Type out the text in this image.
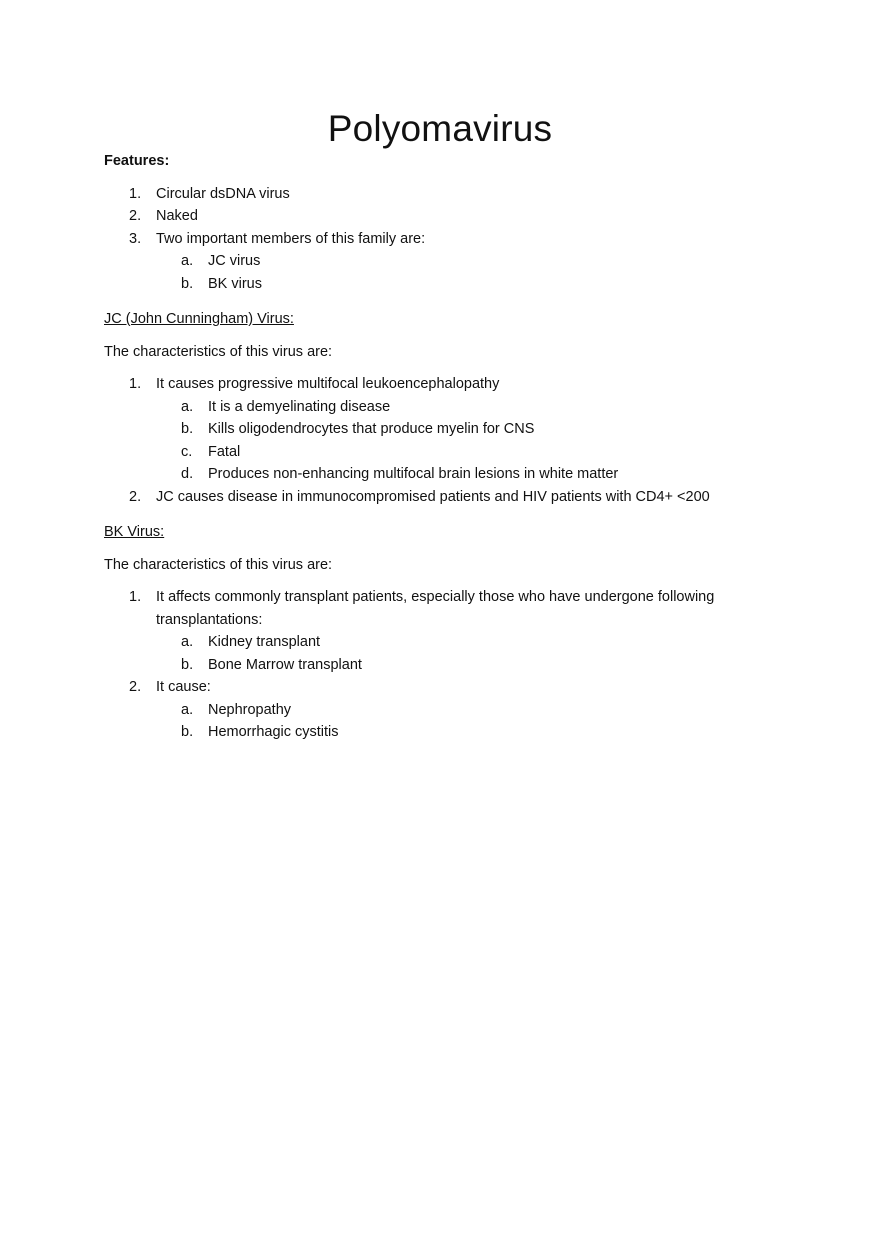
Polyomavirus
Features:
1. Circular dsDNA virus
2. Naked
3. Two important members of this family are:
a. JC virus
b. BK virus
JC (John Cunningham) Virus:
The characteristics of this virus are:
1. It causes progressive multifocal leukoencephalopathy
a. It is a demyelinating disease
b. Kills oligodendrocytes that produce myelin for CNS
c. Fatal
d. Produces non-enhancing multifocal brain lesions in white matter
2. JC causes disease in immunocompromised patients and HIV patients with CD4+ <200
BK Virus:
The characteristics of this virus are:
1. It affects commonly transplant patients, especially those who have undergone following transplantations:
a. Kidney transplant
b. Bone Marrow transplant
2. It cause:
a. Nephropathy
b. Hemorrhagic cystitis
